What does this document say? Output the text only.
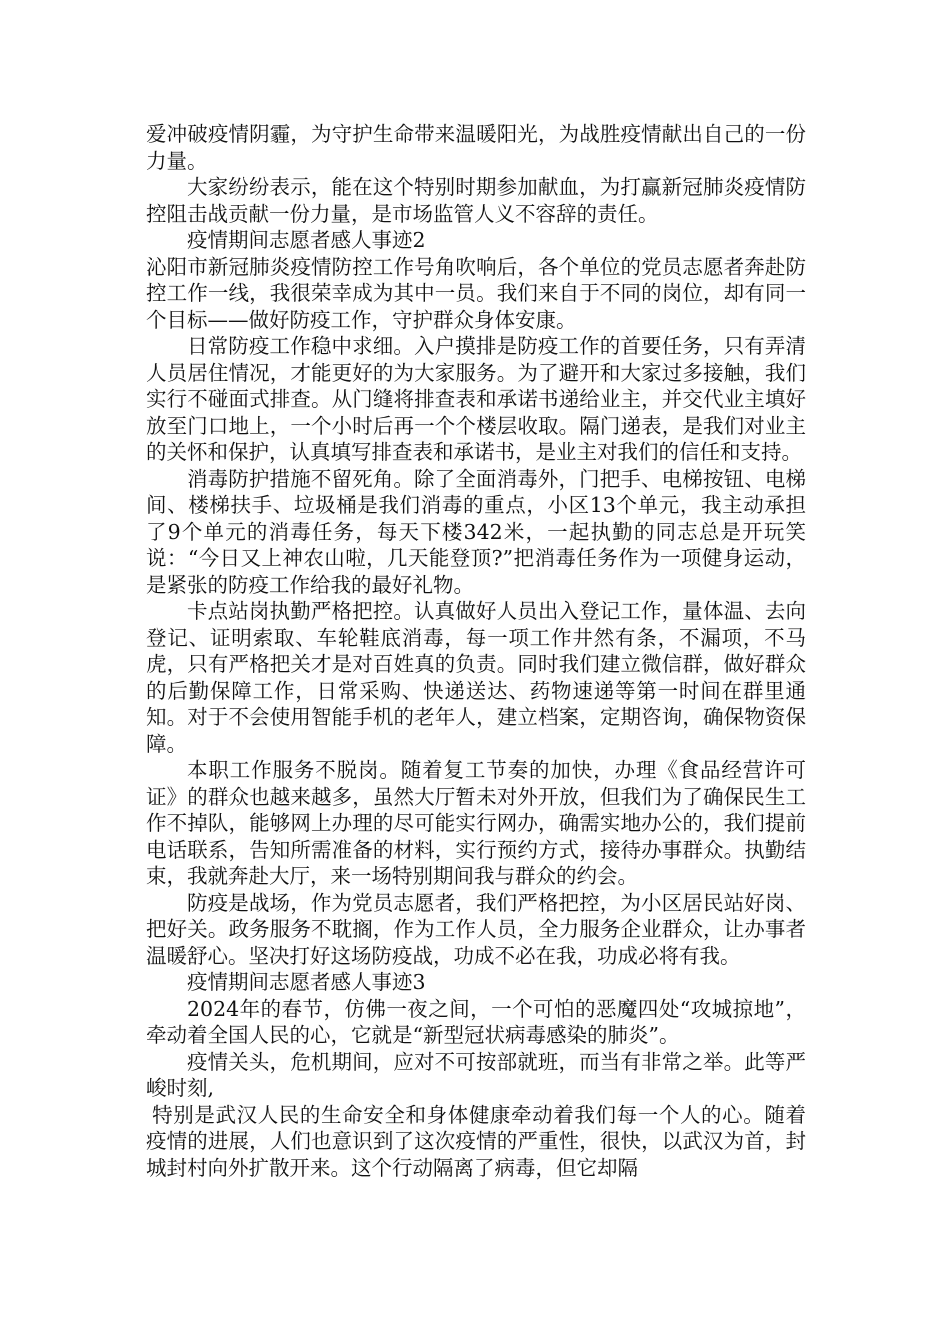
爱冲破疫情阴霾，为守护生命带来温暖阳光，为战胜疫情献出自己的一份力量。

大家纷纷表示，能在这个特别时期参加献血，为打赢新冠肺炎疫情防控阻击战贡献一份力量，是市场监管人义不容辞的责任。

疫情期间志愿者感人事迹2

沁阳市新冠肺炎疫情防控工作号角吹响后，各个单位的党员志愿者奔赴防控工作一线，我很荣幸成为其中一员。我们来自于不同的岗位，却有同一个目标——做好防疫工作，守护群众身体安康。

日常防疫工作稳中求细。入户摸排是防疫工作的首要任务，只有弄清人员居住情况，才能更好的为大家服务。为了避开和大家过多接触，我们实行不碰面式排查。从门缝将排查表和承诺书递给业主，并交代业主填好放至门口地上，一个小时后再一个个楼层收取。隔门递表，是我们对业主的关怀和保护，认真填写排查表和承诺书，是业主对我们的信任和支持。

消毒防护措施不留死角。除了全面消毒外，门把手、电梯按钮、电梯间、楼梯扶手、垃圾桶是我们消毒的重点，小区13个单元，我主动承担了9个单元的消毒任务，每天下楼342米，一起执勤的同志总是开玩笑说：“今日又上神农山啦，几天能登顶?”把消毒任务作为一项健身运动，是紧张的防疫工作给我的最好礼物。

卡点站岗执勤严格把控。认真做好人员出入登记工作，量体温、去向登记、证明索取、车轮鞋底消毒，每一项工作井然有条，不漏项，不马虎，只有严格把关才是对百姓真的负责。同时我们建立微信群，做好群众的后勤保障工作，日常采购、快递送达、药物速递等第一时间在群里通知。对于不会使用智能手机的老年人，建立档案，定期咨询，确保物资保障。

本职工作服务不脱岗。随着复工节奏的加快，办理《食品经营许可证》的群众也越来越多，虽然大厅暂未对外开放，但我们为了确保民生工作不掉队，能够网上办理的尽可能实行网办，确需实地办公的，我们提前电话联系，告知所需准备的材料，实行预约方式，接待办事群众。执勤结束，我就奔赴大厅，来一场特别期间我与群众的约会。

防疫是战场，作为党员志愿者，我们严格把控，为小区居民站好岗、把好关。政务服务不耽搁，作为工作人员，全力服务企业群众，让办事者温暖舒心。坚决打好这场防疫战，功成不必在我，功成必将有我。

疫情期间志愿者感人事迹3

2024年的春节，仿佛一夜之间，一个可怕的恶魔四处“攻城掠地”，牵动着全国人民的心，它就是“新型冠状病毒感染的肺炎”。

疫情关头，危机期间，应对不可按部就班，而当有非常之举。此等严峻时刻,

特别是武汉人民的生命安全和身体健康牵动着我们每一个人的心。随着疫情的进展，人们也意识到了这次疫情的严重性，很快，以武汉为首，封城封村向外扩散开来。这个行动隔离了病毒，但它却隔
